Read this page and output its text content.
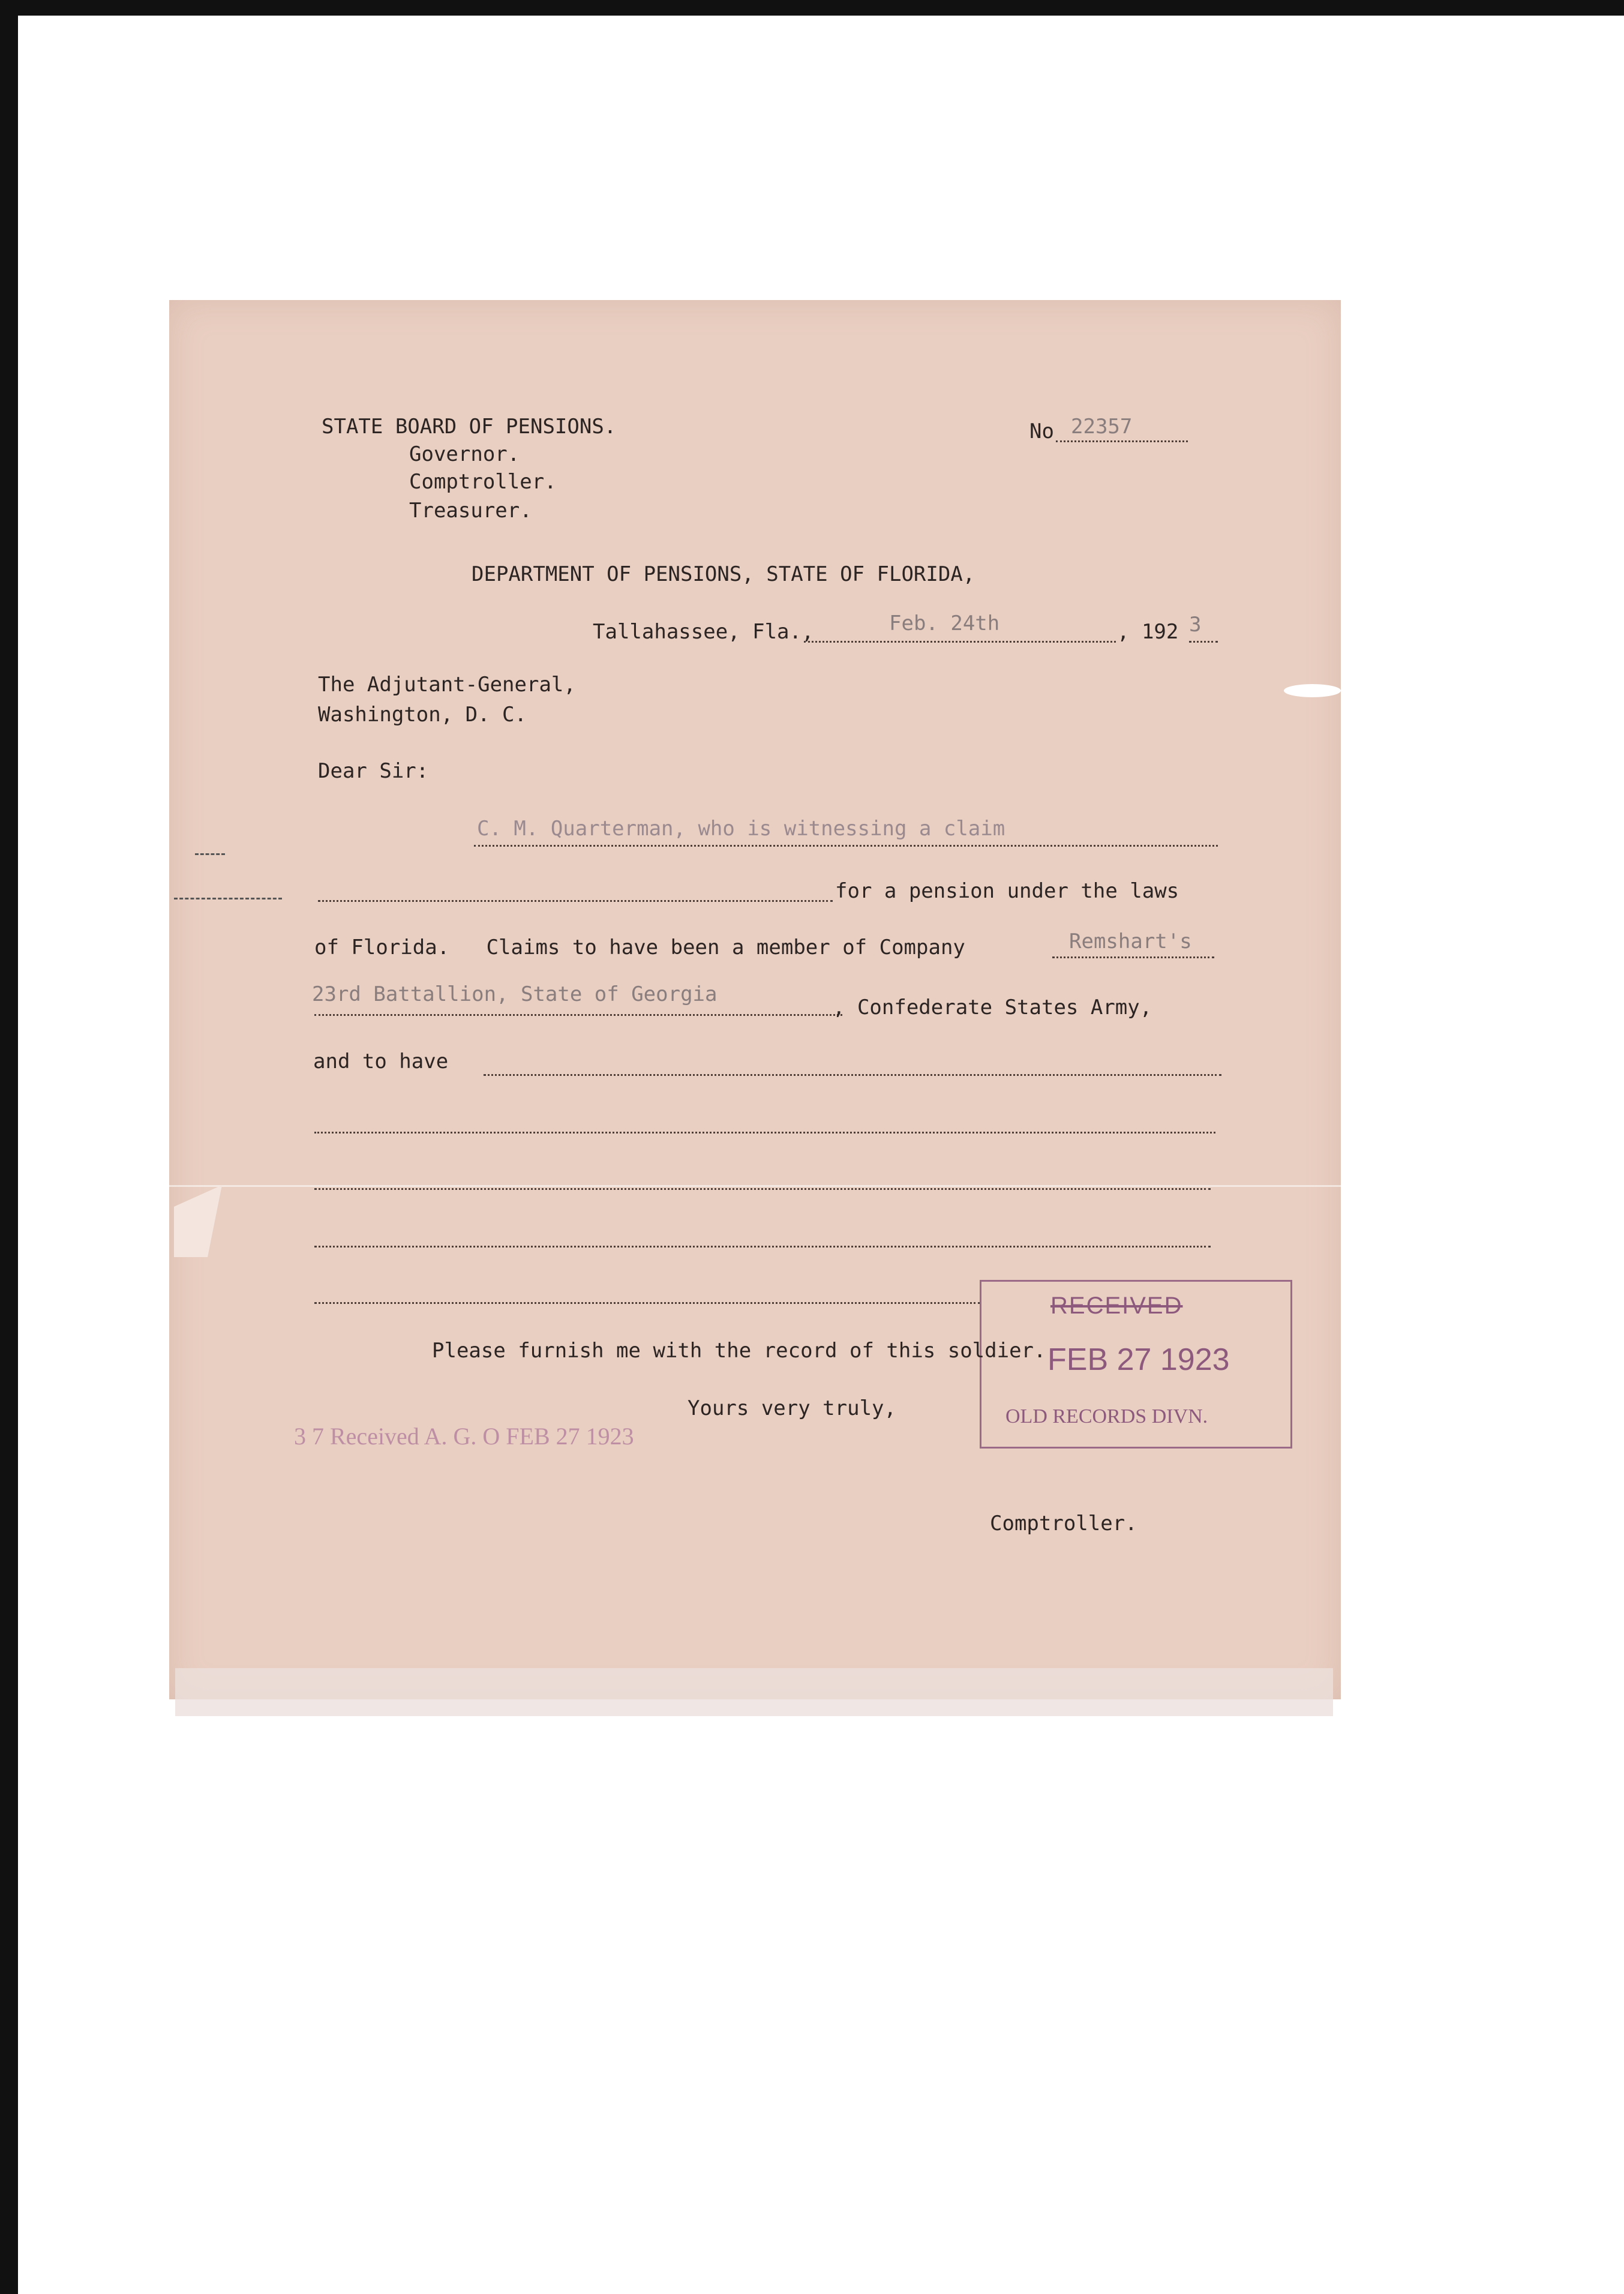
STATE BOARD OF PENSIONS.
Governor.
Comptroller.
Treasurer.
No 22357
DEPARTMENT OF PENSIONS, STATE OF FLORIDA,
Tallahassee, Fla.,	Feb. 24th	, 192 3
The Adjutant-General,
Washington, D. C.
Dear Sir:
C. M. Quarterman, who is witnessing a claim
for a pension under the laws
of Florida.   Claims to have been a member of Company	Remshart's
23rd Battallion, State of Georgia
, Confederate States Army,
and to have
RECEIVED
FEB 27 1923
OLD RECORDS DIVN.
Please furnish me with the record of this soldier.
Yours very truly,
3 7 Received A. G. O FEB 27 1923
Comptroller.
